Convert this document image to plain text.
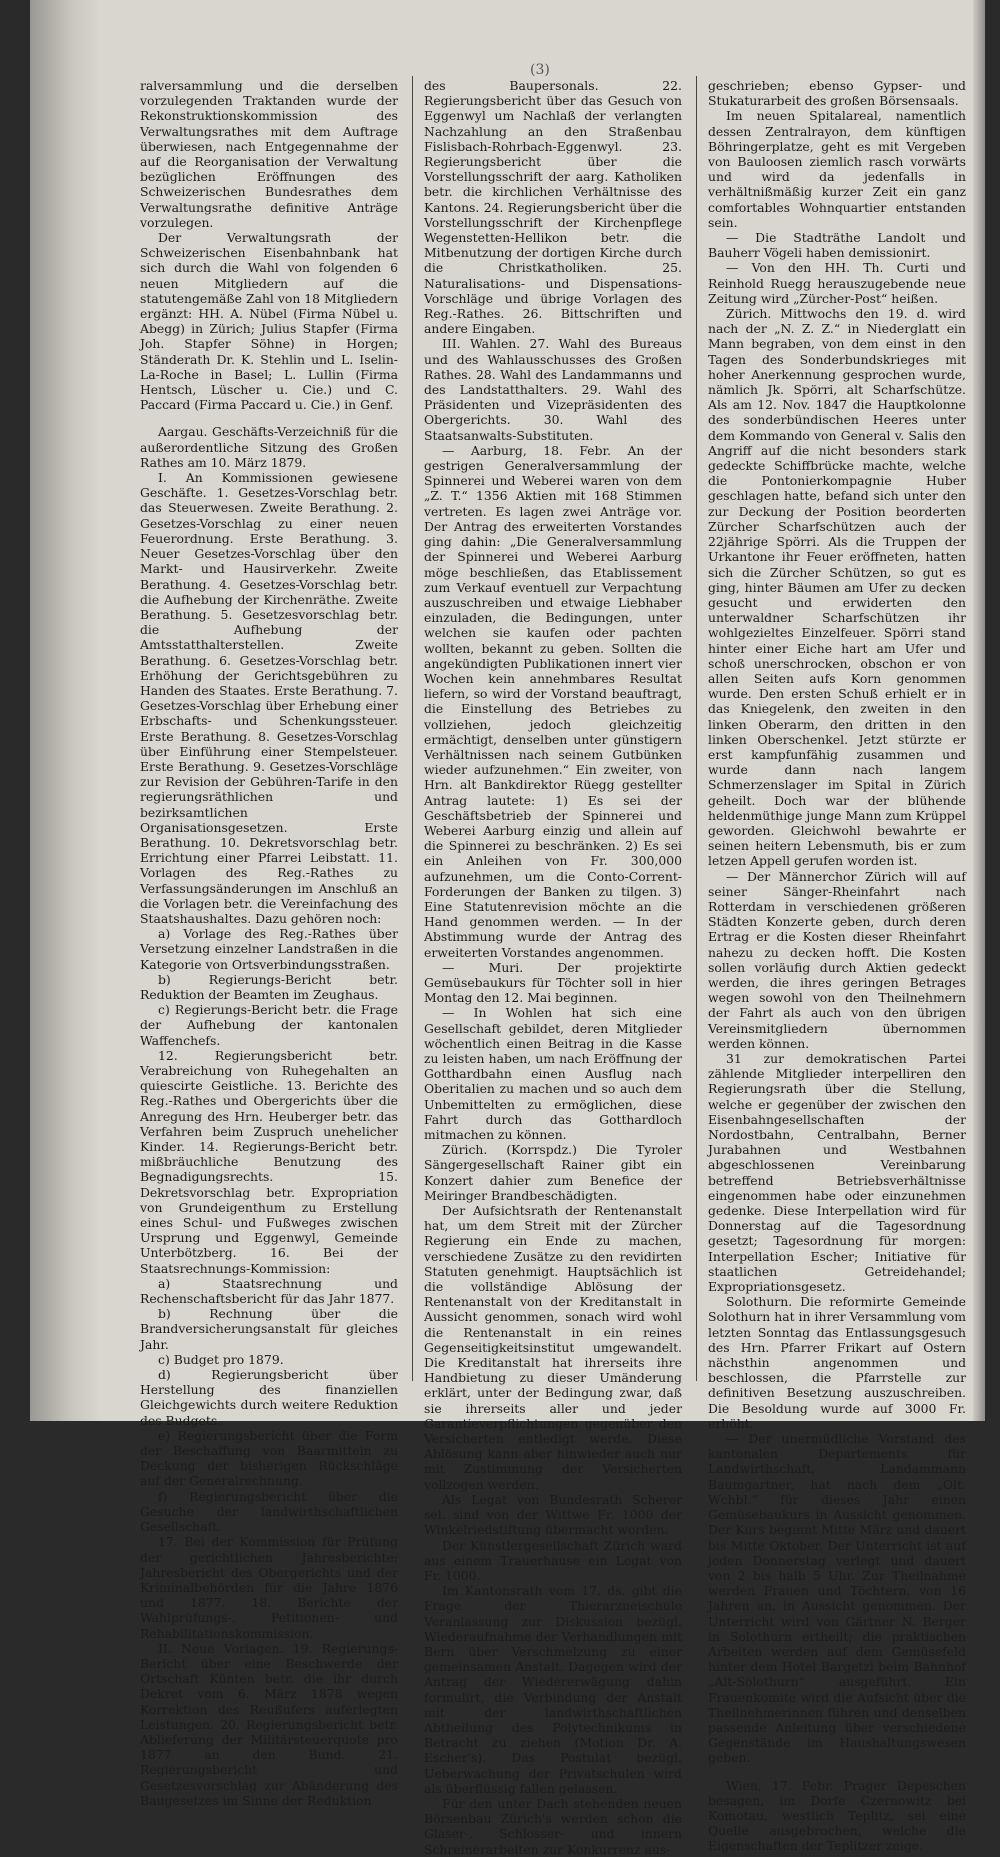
(3)

ralversammlung und die derselben vorzulegenden Traktanden wurde der Rekonstruktionskommission des Verwaltungsrathes mit dem Auftrage überwiesen, nach Entgegennahme der auf die Reorganisation der Verwaltung bezüglichen Eröffnungen des Schweizerischen Bundesrathes dem Verwaltungsrathe definitive Anträge vorzulegen.

Der Verwaltungsrath der Schweizerischen Eisenbahnbank hat sich durch die Wahl von folgenden 6 neuen Mitgliedern auf die statutengemäße Zahl von 18 Mitgliedern ergänzt: HH. A. Nübel (Firma Nübel u. Abegg) in Zürich; Julius Stapfer (Firma Joh. Stapfer Söhne) in Horgen; Ständerath Dr. K. Stehlin und L. Iselin-La-Roche in Basel; L. Lullin (Firma Hentsch, Lüscher u. Cie.) und C. Paccard (Firma Paccard u. Cie.) in Genf.

Aargau. Geschäfts-Verzeichniß für die außerordentliche Sitzung des Großen Rathes am 10. März 1879.

I. An Kommissionen gewiesene Geschäfte. 1. Gesetzes-Vorschlag betr. das Steuerwesen. Zweite Berathung. 2. Gesetzes-Vorschlag zu einer neuen Feuerordnung. Erste Berathung. 3. Neuer Gesetzes-Vorschlag über den Markt- und Hausirverkehr. Zweite Berathung. 4. Gesetzes-Vorschlag betr. die Aufhebung der Kirchenräthe. Zweite Berathung. 5. Gesetzesvorschlag betr. die Aufhebung der Amtsstatthalterstellen. Zweite Berathung. 6. Gesetzes-Vorschlag betr. Erhöhung der Gerichtsgebühren zu Handen des Staates. Erste Berathung. 7. Gesetzes-Vorschlag über Erhebung einer Erbschafts- und Schenkungssteuer. Erste Berathung. 8. Gesetzes-Vorschlag über Einführung einer Stempelsteuer. Erste Berathung. 9. Gesetzes-Vorschläge zur Revision der Gebühren-Tarife in den regierungsräthlichen und bezirksamtlichen Organisationsgesetzen. Erste Berathung. 10. Dekretsvorschlag betr. Errichtung einer Pfarrei Leibstatt. 11. Vorlagen des Reg.-Rathes zu Verfassungsänderungen im Anschluß an die Vorlagen betr. die Vereinfachung des Staatshaushaltes. Dazu gehören noch:

a) Vorlage des Reg.-Rathes über Versetzung einzelner Landstraßen in die Kategorie von Ortsverbindungsstraßen.

b) Regierungs-Bericht betr. Reduktion der Beamten im Zeughaus.

c) Regierungs-Bericht betr. die Frage der Aufhebung der kantonalen Waffenchefs.

12. Regierungsbericht betr. Verabreichung von Ruhegehalten an quiescirte Geistliche. 13. Berichte des Reg.-Rathes und Obergerichts über die Anregung des Hrn. Heuberger betr. das Verfahren beim Zuspruch unehelicher Kinder. 14. Regierungs-Bericht betr. mißbräuchliche Benutzung des Begnadigungsrechts. 15. Dekretsvorschlag betr. Expropriation von Grundeigenthum zu Erstellung eines Schul- und Fußweges zwischen Ursprung und Eggenwyl, Gemeinde Unterbötzberg. 16. Bei der Staatsrechnungs-Kommission:

a) Staatsrechnung und Rechenschaftsbericht für das Jahr 1877.

b) Rechnung über die Brandversicherungsanstalt für gleiches Jahr.

c) Budget pro 1879.

d) Regierungsbericht über Herstellung des finanziellen Gleichgewichts durch weitere Reduktion des Budgets.

e) Regierungsbericht über die Form der Beschaffung von Baarmitteln zu Deckung der bisherigen Rückschläge auf der Generalrechnung.

f) Regierungsbericht über die Gesuche der landwirthschaftlichen Gesellschaft.

17. Bei der Kommission für Prüfung der gerichtlichen Jahresberichte: Jahresbericht des Obergerichts und der Kriminalbehörden für die Jahre 1876 und 1877. 18. Berichte der Wahlprüfungs-, Petitionen- und Rehabilitationskommission.

II. Neue Vorlagen. 19. Regierungs-Bericht über eine Beschwerde der Ortschaft Künten betr. die ihr durch Dekret vom 6. März 1878 wegen Korrektion des Reußufers auferlegten Leistungen. 20. Regierungsbericht betr. Ablieferung der Militärsteuerquote pro 1877 an den Bund. 21. Regierungsbericht und Gesetzesvorschlag zur Abänderung des Baugesetzes im Sinne der Reduktion

des Baupersonals. 22. Regierungsbericht über das Gesuch von Eggenwyl um Nachlaß der verlangten Nachzahlung an den Straßenbau Fislisbach-Rohrbach-Eggenwyl. 23. Regierungsbericht über die Vorstellungsschrift der aarg. Katholiken betr. die kirchlichen Verhältnisse des Kantons. 24. Regierungsbericht über die Vorstellungsschrift der Kirchenpflege Wegenstetten-Hellikon betr. die Mitbenutzung der dortigen Kirche durch die Christkatholiken. 25. Naturalisations- und Dispensations-Vorschläge und übrige Vorlagen des Reg.-Rathes. 26. Bittschriften und andere Eingaben.

III. Wahlen. 27. Wahl des Bureaus und des Wahlausschusses des Großen Rathes. 28. Wahl des Landammanns und des Landstatthalters. 29. Wahl des Präsidenten und Vizepräsidenten des Obergerichts. 30. Wahl des Staatsanwalts-Substituten.

— Aarburg, 18. Febr. An der gestrigen Generalversammlung der Spinnerei und Weberei waren von dem „Z. T.“ 1356 Aktien mit 168 Stimmen vertreten. Es lagen zwei Anträge vor. Der Antrag des erweiterten Vorstandes ging dahin: „Die Generalversammlung der Spinnerei und Weberei Aarburg möge beschließen, das Etablissement zum Verkauf eventuell zur Verpachtung auszuschreiben und etwaige Liebhaber einzuladen, die Bedingungen, unter welchen sie kaufen oder pachten wollten, bekannt zu geben. Sollten die angekündigten Publikationen innert vier Wochen kein annehmbares Resultat liefern, so wird der Vorstand beauftragt, die Einstellung des Betriebes zu vollziehen, jedoch gleichzeitig ermächtigt, denselben unter günstigern Verhältnissen nach seinem Gutbünken wieder aufzunehmen.“ Ein zweiter, von Hrn. alt Bankdirektor Rüegg gestellter Antrag lautete: 1) Es sei der Geschäftsbetrieb der Spinnerei und Weberei Aarburg einzig und allein auf die Spinnerei zu beschränken. 2) Es sei ein Anleihen von Fr. 300,000 aufzunehmen, um die Conto-Corrent-Forderungen der Banken zu tilgen. 3) Eine Statutenrevision möchte an die Hand genommen werden. — In der Abstimmung wurde der Antrag des erweiterten Vorstandes angenommen.

— Muri. Der projektirte Gemüsebaukurs für Töchter soll in hier Montag den 12. Mai beginnen.

— In Wohlen hat sich eine Gesellschaft gebildet, deren Mitglieder wöchentlich einen Beitrag in die Kasse zu leisten haben, um nach Eröffnung der Gotthardbahn einen Ausflug nach Oberitalien zu machen und so auch dem Unbemittelten zu ermöglichen, diese Fahrt durch das Gotthardloch mitmachen zu können.

Zürich. (Korrspdz.) Die Tyroler Sängergesellschaft Rainer gibt ein Konzert dahier zum Benefice der Meiringer Brandbeschädigten.

Der Aufsichtsrath der Rentenanstalt hat, um dem Streit mit der Zürcher Regierung ein Ende zu machen, verschiedene Zusätze zu den revidirten Statuten genehmigt. Hauptsächlich ist die vollständige Ablösung der Rentenanstalt von der Kreditanstalt in Aussicht genommen, sonach wird wohl die Rentenanstalt in ein reines Gegenseitigkeitsinstitut umgewandelt. Die Kreditanstalt hat ihrerseits ihre Handbietung zu dieser Umänderung erklärt, unter der Bedingung zwar, daß sie ihrerseits aller und jeder Garantieverpflichtungen gegenüber den Versicherten entledigt werde. Diese Ablösung kann aber hinwieder auch nur mit Zustimmung der Versicherten vollzogen werden.

Als Legat von Bundesrath Scherer sel. sind von der Wittwe Fr. 1000 der Winkelriedstiftung übermacht worden.

Der Künstlergesellschaft Zürich ward aus einem Trauerhause ein Legat von Fr. 1000.

Im Kantonsrath vom 17. ds. gibt die Frage der Thierarzneischule Veranlassung zur Diskussion bezügl. Wiederaufnahme der Verhandlungen mit Bern über Verschmelzung zu einer gemeinsamen Anstalt. Dagegen wird der Antrag der Wiedererwägung dahin formulirt, die Verbindung der Anstalt mit der landwirthschaftlichen Abtheilung des Polytechnikums in Betracht zu ziehen (Motion Dr. A. Escher's). Das Postulat bezügl. Ueberwachung der Privatschulen wird als überflüssig fallen gelassen.

Für den unter Dach stehenden neuen Börsenbau Zürich's werden schon die Glaser-, Schlosser- und innern Schreinerarbeiten zur Konkurrenz aus-

geschrieben; ebenso Gypser- und Stukaturarbeit des großen Börsensaals.

Im neuen Spitalareal, namentlich dessen Zentralrayon, dem künftigen Böhringerplatze, geht es mit Vergeben von Bauloosen ziemlich rasch vorwärts und wird da jedenfalls in verhältnißmäßig kurzer Zeit ein ganz comfortables Wohnquartier entstanden sein.

— Die Stadträthe Landolt und Bauherr Vögeli haben demissionirt.

— Von den HH. Th. Curti und Reinhold Ruegg herauszugebende neue Zeitung wird „Zürcher-Post“ heißen.

Zürich. Mittwochs den 19. d. wird nach der „N. Z. Z.“ in Niederglatt ein Mann begraben, von dem einst in den Tagen des Sonderbundskrieges mit hoher Anerkennung gesprochen wurde, nämlich Jk. Spörri, alt Scharfschütze. Als am 12. Nov. 1847 die Hauptkolonne des sonderbündischen Heeres unter dem Kommando von General v. Salis den Angriff auf die nicht besonders stark gedeckte Schiffbrücke machte, welche die Pontonierkompagnie Huber geschlagen hatte, befand sich unter den zur Deckung der Position beorderten Zürcher Scharfschützen auch der 22jährige Spörri. Als die Truppen der Urkantone ihr Feuer eröffneten, hatten sich die Zürcher Schützen, so gut es ging, hinter Bäumen am Ufer zu decken gesucht und erwiderten den unterwaldner Scharfschützen ihr wohlgezieltes Einzelfeuer. Spörri stand hinter einer Eiche hart am Ufer und schoß unerschrocken, obschon er von allen Seiten aufs Korn genommen wurde. Den ersten Schuß erhielt er in das Kniegelenk, den zweiten in den linken Oberarm, den dritten in den linken Oberschenkel. Jetzt stürzte er erst kampfunfähig zusammen und wurde dann nach langem Schmerzenslager im Spital in Zürich geheilt. Doch war der blühende heldenmüthige junge Mann zum Krüppel geworden. Gleichwohl bewahrte er seinen heitern Lebensmuth, bis er zum letzen Appell gerufen worden ist.

— Der Männerchor Zürich will auf seiner Sänger-Rheinfahrt nach Rotterdam in verschiedenen größeren Städten Konzerte geben, durch deren Ertrag er die Kosten dieser Rheinfahrt nahezu zu decken hofft. Die Kosten sollen vorläufig durch Aktien gedeckt werden, die ihres geringen Betrages wegen sowohl von den Theilnehmern der Fahrt als auch von den übrigen Vereinsmitgliedern übernommen werden können.

31 zur demokratischen Partei zählende Mitglieder interpelliren den Regierungsrath über die Stellung, welche er gegenüber der zwischen den Eisenbahngesellschaften der Nordostbahn, Centralbahn, Berner Jurabahnen und Westbahnen abgeschlossenen Vereinbarung betreffend Betriebsverhältnisse eingenommen habe oder einzunehmen gedenke. Diese Interpellation wird für Donnerstag auf die Tagesordnung gesetzt; Tagesordnung für morgen: Interpellation Escher; Initiative für staatlichen Getreidehandel; Expropriationsgesetz.

Solothurn. Die reformirte Gemeinde Solothurn hat in ihrer Versammlung vom letzten Sonntag das Entlassungsgesuch des Hrn. Pfarrer Frikart auf Ostern nächsthin angenommen und beschlossen, die Pfarrstelle zur definitiven Besetzung auszuschreiben. Die Besoldung wurde auf 3000 Fr. erhöht.

— Der unermüdliche Vorstand des kantonalen Departements für Landwirthschaft, Landammann Baumgartner, hat nach dem „Olt. Wchbl.“ für dieses Jahr einen Gemüsebaukurs in Aussicht genommen. Der Kurs beginnt Mitte März und dauert bis Mitte Oktober. Der Unterricht ist auf jeden Donnerstag verlegt und dauert von 2 bis halb 5 Uhr. Zur Theilnahme werden Frauen und Töchtern, von 16 Jahren an, in Aussicht genommen. Der Unterricht wird von Gärtner N. Berger in Solothurn ertheilt; die praktischen Arbeiten werden auf dem Gemüsefeld hinter dem Hotel Bargetzi beim Bahnhof „Alt-Solothurn“ ausgeführt. Ein Frauenkomite wird die Aufsicht über die Theilnehmerinnen führen und denselben passende Anleitung über verschiedene Gegenstände im Haushaltungswesen geben.

Wien, 17. Febr. Prager Depeschen besagen, im Dorfe Czernowitz bei Komotau, westlich Teplitz, sei eine Quelle ausgebrochen, welche die Eigenschaften der Teplitzer zeige.
